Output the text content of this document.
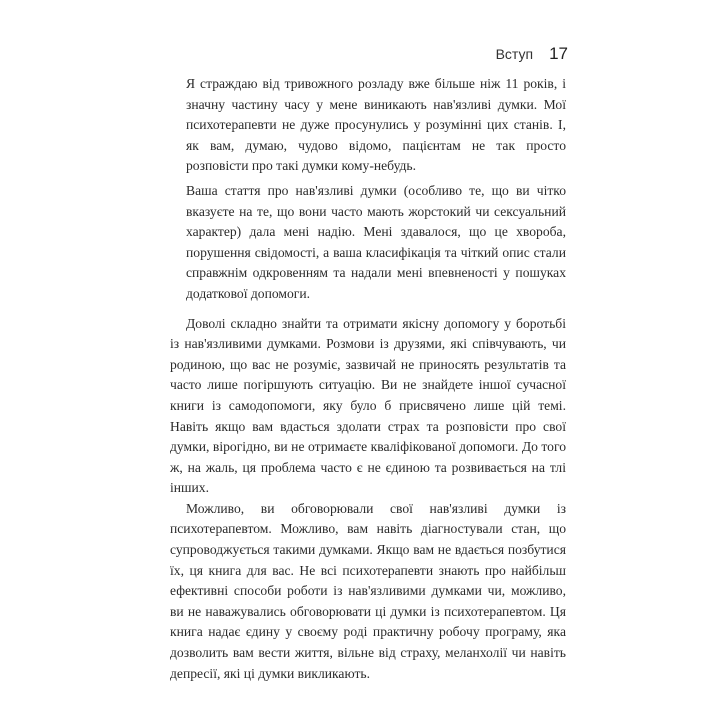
Вступ 17

Я страждаю від тривожного розладу вже більше ніж 11 років, і значну частину часу у мене виникають нав'язливі думки. Мої психотерапевти не дуже просунулись у розумінні цих станів. І, як вам, думаю, чудово відомо, пацієнтам не так просто розповісти про такі думки кому-небудь.

Ваша стаття про нав'язливі думки (особливо те, що ви чітко вказуєте на те, що вони часто мають жорстокий чи сексуальний характер) дала мені надію. Мені здавалося, що це хвороба, порушення свідомості, а ваша класифікація та чіткий опис стали справжнім одкровенням та надали мені впевненості у пошуках додаткової допомоги.

Доволі складно знайти та отримати якісну допомогу у боротьбі із нав'язливими думками. Розмови із друзями, які співчувають, чи родиною, що вас не розуміє, зазвичай не приносять результатів та часто лише погіршують ситуацію. Ви не знайдете іншої сучасної книги із самодопомоги, яку було б присвячено лише цій темі. Навіть якщо вам вдасться здолати страх та розповісти про свої думки, вірогідно, ви не отримаєте кваліфікованої допомоги. До того ж, на жаль, ця проблема часто є не єдиною та розвивається на тлі інших.

Можливо, ви обговорювали свої нав'язливі думки із психотерапевтом. Можливо, вам навіть діагностували стан, що супроводжується такими думками. Якщо вам не вдається позбутися їх, ця книга для вас. Не всі психотерапевти знають про найбільш ефективні способи роботи із нав'язливими думками чи, можливо, ви не наважувались обговорювати ці думки із психотерапевтом. Ця книга надає єдину у своєму роді практичну робочу програму, яка дозволить вам вести життя, вільне від страху, меланхолії чи навіть депресії, які ці думки викликають.
